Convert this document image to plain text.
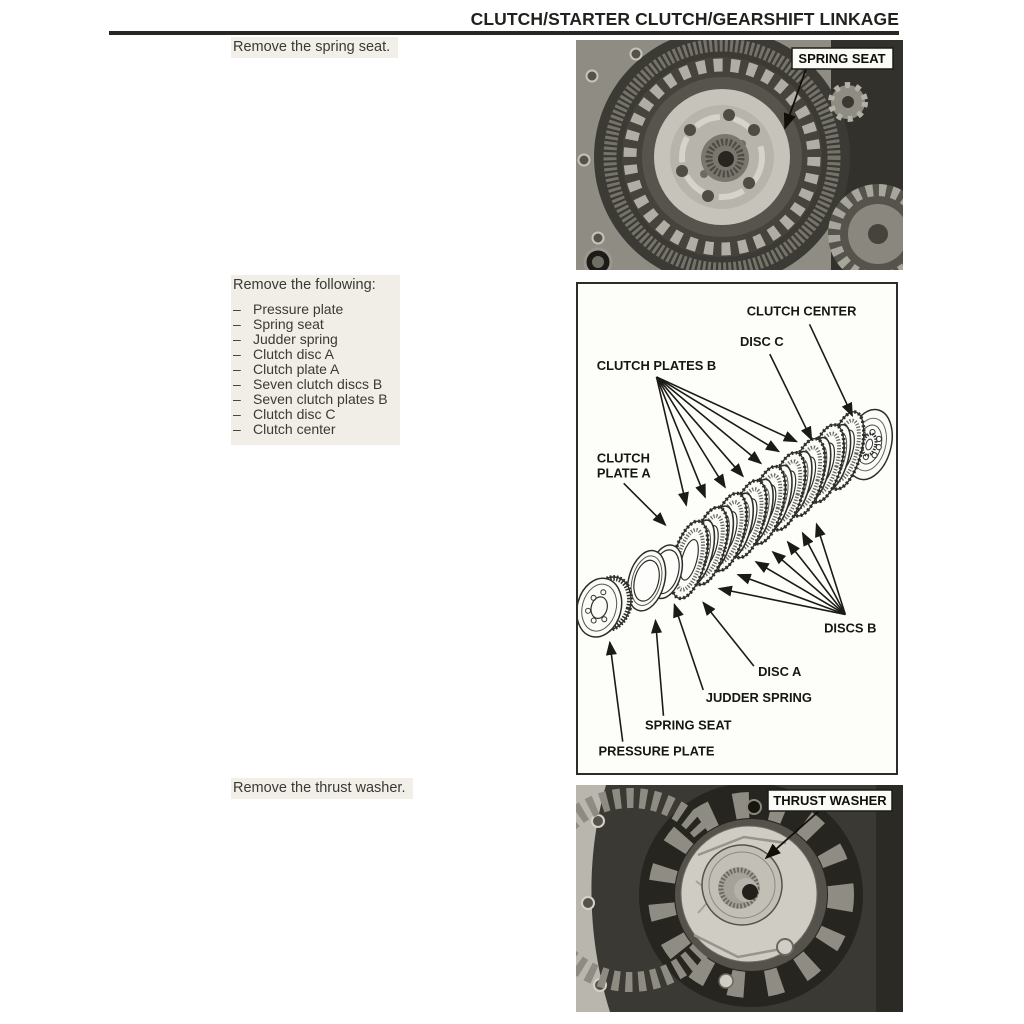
CLUTCH/STARTER CLUTCH/GEARSHIFT LINKAGE
Remove the spring seat.
SPRING SEAT

Remove the following:

– Pressure plate
– Spring seat
– Judder spring
– Clutch disc A
– Clutch plate A
– Seven clutch discs B
– Seven clutch plates B
– Clutch disc C
– Clutch center
CLUTCH CENTER
DISC C
CLUTCH PLATES B
CLUTCH
PLATE A
DISCS B
DISC A
JUDDER SPRING
SPRING SEAT
PRESSURE PLATE
Remove the thrust washer.
THRUST WASHER
